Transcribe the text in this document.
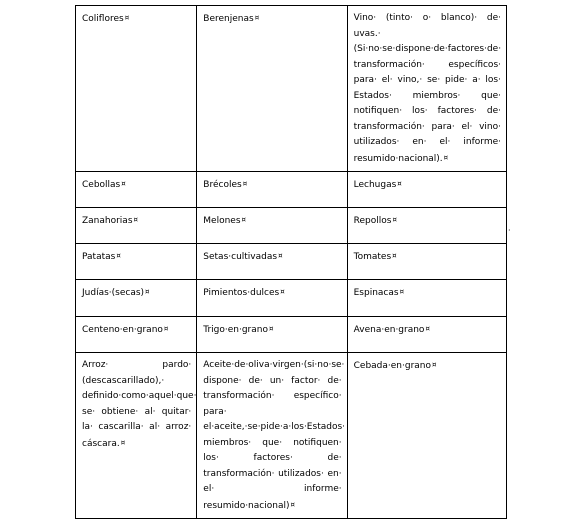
Coliflores ¤	Berenjenas ¤	Vino· (tinto· o· blanco)· de· uvas.· (Si·no·se·dispone·de·factores·de· transformación· específicos· para· el· vino,· se· pide· a· los· Estados· miembros· que· notifiquen· los· factores· de· transformación· para· el· vino· utilizados· en· el· informe· resumido·nacional). ¤
Cebollas ¤	Brécoles ¤	Lechugas ¤
Zanahorias ¤	Melones ¤	Repollos ¤
Patatas ¤	Setas·cultivadas ¤	Tomates ¤
Judías·(secas) ¤	Pimientos·dulces ¤	Espinacas ¤
Centeno·en·grano ¤	Trigo·en·grano ¤	Avena·en·grano ¤
Arroz· pardo· (descascarillado),· definido·como·aquel·que· se· obtiene· al· quitar· la· cascarilla· al· arroz· cáscara. ¤	Aceite·de·oliva·virgen·(si·no·se· dispone· de· un· factor· de· transformación· específico· para· el·aceite,·se·pide·a·los·Estados· miembros· que· notifiquen· los· factores· de· transformación· utilizados· en· el· informe· resumido·nacional) ¤	Cebada·en·grano ¤
·
